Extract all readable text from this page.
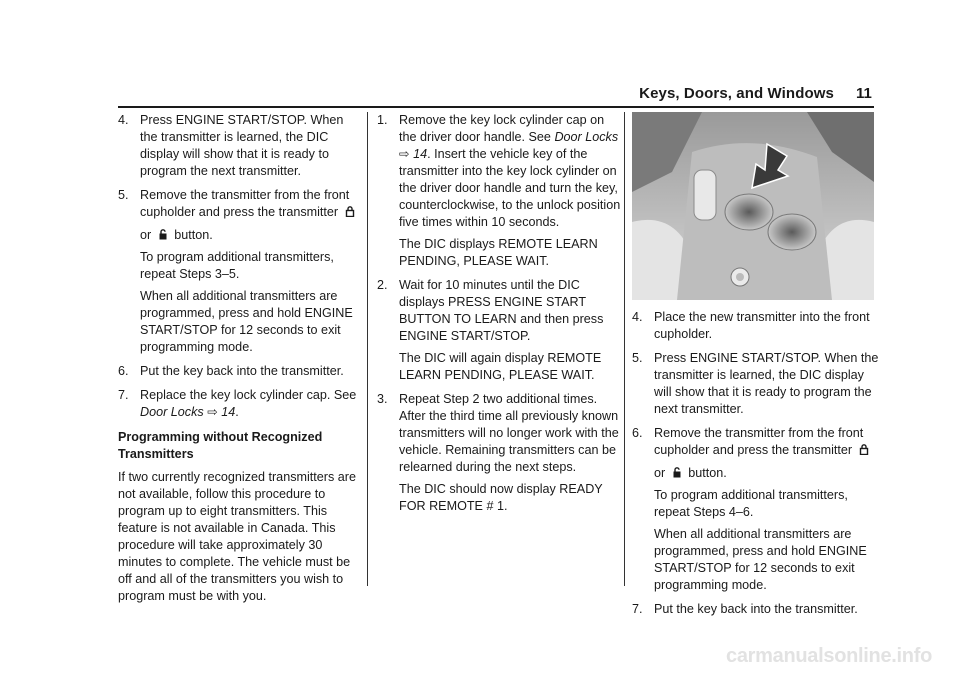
Keys, Doors, and Windows 11
4. Press ENGINE START/STOP. When the transmitter is learned, the DIC display will show that it is ready to program the next transmitter.
5. Remove the transmitter from the front cupholder and press the transmitter
or button.
To program additional transmitters, repeat Steps 3–5.
When all additional transmitters are programmed, press and hold ENGINE START/STOP for 12 seconds to exit programming mode.
6. Put the key back into the transmitter.
7. Replace the key lock cylinder cap. See Door Locks ⇨ 14.
Programming without Recognized Transmitters

If two currently recognized transmitters are not available, follow this procedure to program up to eight transmitters. This feature is not available in Canada. This procedure will take approximately 30 minutes to complete. The vehicle must be off and all of the transmitters you wish to program must be with you.

1. Remove the key lock cylinder cap on the driver door handle. See Door Locks ⇨ 14. Insert the vehicle key of the transmitter into the key lock cylinder on the driver door handle and turn the key, counterclockwise, to the unlock position five times within 10 seconds.
The DIC displays REMOTE LEARN PENDING, PLEASE WAIT.
2. Wait for 10 minutes until the DIC displays PRESS ENGINE START BUTTON TO LEARN and then press ENGINE START/STOP.
The DIC will again display REMOTE LEARN PENDING, PLEASE WAIT.
3. Repeat Step 2 two additional times. After the third time all previously known transmitters will no longer work with the vehicle. Remaining transmitters can be relearned during the next steps.
The DIC should now display READY FOR REMOTE # 1.
4. Place the new transmitter into the front cupholder.
5. Press ENGINE START/STOP. When the transmitter is learned, the DIC display will show that it is ready to program the next transmitter.
6. Remove the transmitter from the front cupholder and press the transmitter
or button.
To program additional transmitters, repeat Steps 4–6.
When all additional transmitters are programmed, press and hold ENGINE START/STOP for 12 seconds to exit programming mode.
7. Put the key back into the transmitter.
carmanualsonline.info
